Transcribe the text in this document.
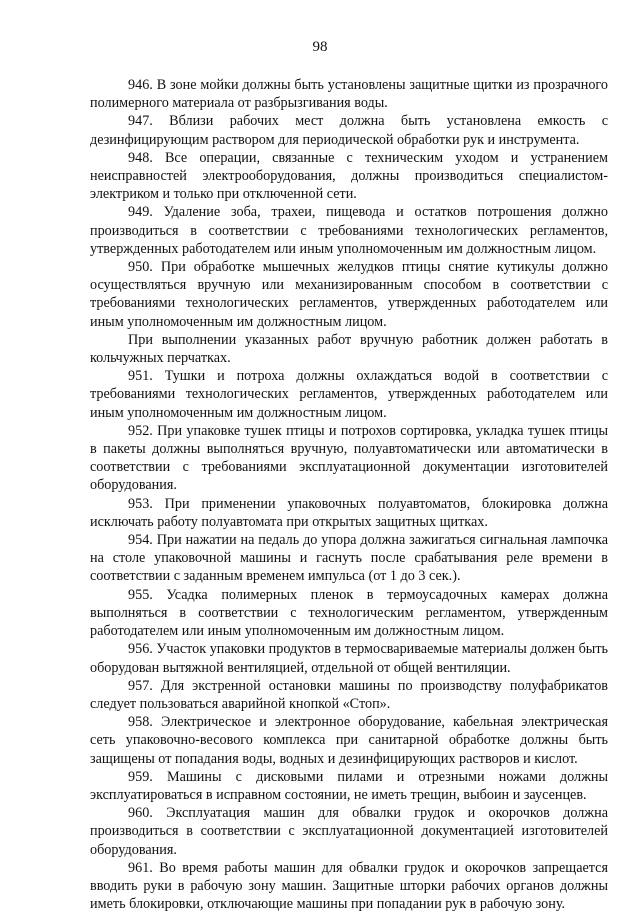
98

946. В зоне мойки должны быть установлены защитные щитки из прозрачного полимерного материала от разбрызгивания воды.

947. Вблизи рабочих мест должна быть установлена емкость с дезинфицирующим раствором для периодической обработки рук и инструмента.

948. Все операции, связанные с техническим уходом и устранением неисправностей электрооборудования, должны производиться специалистом-электриком и только при отключенной сети.

949. Удаление зоба, трахеи, пищевода и остатков потрошения должно производиться в соответствии с требованиями технологических регламентов, утвержденных работодателем или иным уполномоченным им должностным лицом.

950. При обработке мышечных желудков птицы снятие кутикулы должно осуществляться вручную или механизированным способом в соответствии с требованиями технологических регламентов, утвержденных работодателем или иным уполномоченным им должностным лицом.

При выполнении указанных работ вручную работник должен работать в кольчужных перчатках.

951. Тушки и потроха должны охлаждаться водой в соответствии с требованиями технологических регламентов, утвержденных работодателем или иным уполномоченным им должностным лицом.

952. При упаковке тушек птицы и потрохов сортировка, укладка тушек птицы в пакеты должны выполняться вручную, полуавтоматически или автоматически в соответствии с требованиями эксплуатационной документации изготовителей оборудования.

953. При применении упаковочных полуавтоматов, блокировка должна исключать работу полуавтомата при открытых защитных щитках.

954. При нажатии на педаль до упора должна зажигаться сигнальная лампочка на столе упаковочной машины и гаснуть после срабатывания реле времени в соответствии с заданным временем импульса (от 1 до 3 сек.).

955. Усадка полимерных пленок в термоусадочных камерах должна выполняться в соответствии с технологическим регламентом, утвержденным работодателем или иным уполномоченным им должностным лицом.

956. Участок упаковки продуктов в термосвариваемые материалы должен быть оборудован вытяжной вентиляцией, отдельной от общей вентиляции.

957. Для экстренной остановки машины по производству полуфабрикатов следует пользоваться аварийной кнопкой «Стоп».

958. Электрическое и электронное оборудование, кабельная электрическая сеть упаковочно-весового комплекса при санитарной обработке должны быть защищены от попадания воды, водных и дезинфицирующих растворов и кислот.

959. Машины с дисковыми пилами и отрезными ножами должны эксплуатироваться в исправном состоянии, не иметь трещин, выбоин и заусенцев.

960. Эксплуатация машин для обвалки грудок и окорочков должна производиться в соответствии с эксплуатационной документацией изготовителей оборудования.

961. Во время работы машин для обвалки грудок и окорочков запрещается вводить руки в рабочую зону машин. Защитные шторки рабочих органов должны иметь блокировки, отключающие машины при попадании рук в рабочую зону.
